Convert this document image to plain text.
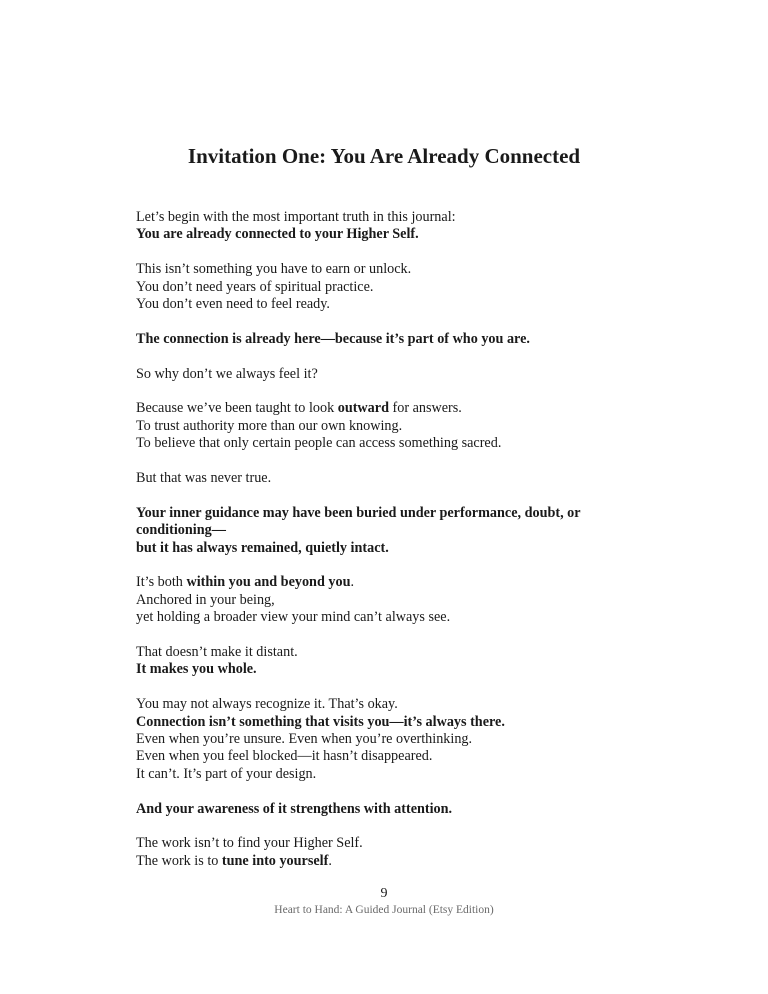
Invitation One: You Are Already Connected

Let’s begin with the most important truth in this journal:
You are already connected to your Higher Self.

This isn’t something you have to earn or unlock.
You don’t need years of spiritual practice.
You don’t even need to feel ready.

The connection is already here—because it’s part of who you are.

So why don’t we always feel it?

Because we’ve been taught to look outward for answers.
To trust authority more than our own knowing.
To believe that only certain people can access something sacred.

But that was never true.

Your inner guidance may have been buried under performance, doubt, or conditioning—
but it has always remained, quietly intact.

It’s both within you and beyond you.
Anchored in your being,
yet holding a broader view your mind can’t always see.

That doesn’t make it distant.
It makes you whole.

You may not always recognize it. That’s okay.
Connection isn’t something that visits you—it’s always there.
Even when you’re unsure. Even when you’re overthinking.
Even when you feel blocked—it hasn’t disappeared.
It can’t. It’s part of your design.

And your awareness of it strengthens with attention.

The work isn’t to find your Higher Self.
The work is to tune into yourself.

9
Heart to Hand: A Guided Journal (Etsy Edition)
